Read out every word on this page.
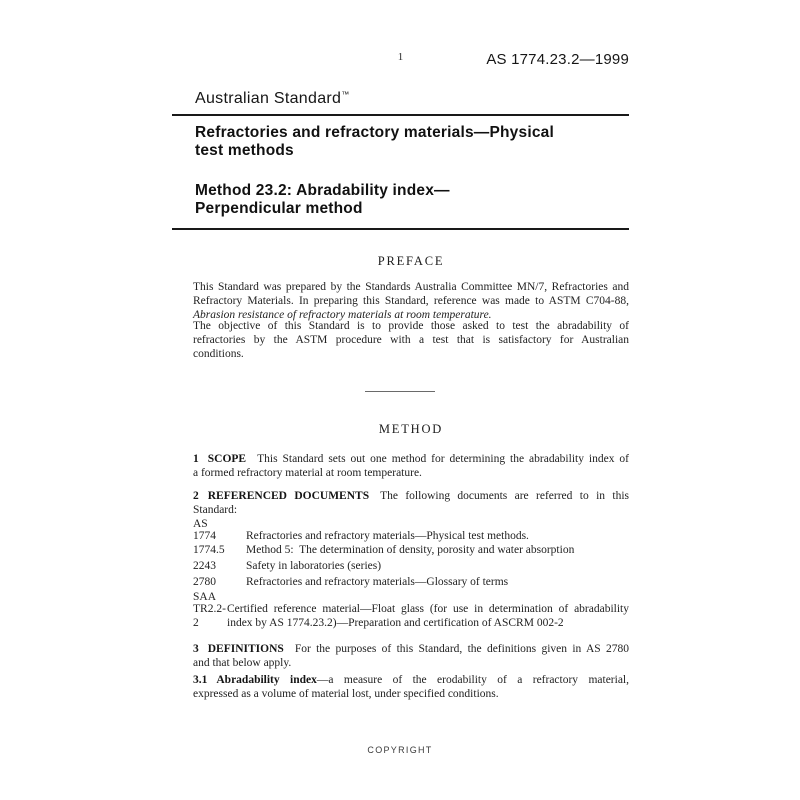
1	AS 1774.23.2—1999
Australian Standard™
Refractories and refractory materials—Physical
test methods
Method 23.2: Abradability index—
Perpendicular method
PREFACE
This Standard was prepared by the Standards Australia Committee MN/7, Refractories and
Refractory Materials. In preparing this Standard, reference was made to ASTM C704-88,
Abrasion resistance of refractory materials at room temperature.
The objective of this Standard is to provide those asked to test the abradability of
refractories by the ASTM procedure with a test that is satisfactory for Australian
conditions.
METHOD
1 SCOPE This Standard sets out one method for determining the abradability index of
a formed refractory material at room temperature.
2 REFERENCED DOCUMENTS The following documents are referred to in this
Standard:
AS
1774	Refractories and refractory materials—Physical test methods.
1774.5	Method 5:  The determination of density, porosity and water absorption
2243	Safety in laboratories (series)
2780	Refractories and refractory materials—Glossary of terms
SAA
TR2.2-2
Certified reference material—Float glass (for use in determination of abradability
index by AS 1774.23.2)—Preparation and certification of ASCRM 002-2
3 DEFINITIONS For the purposes of this Standard, the definitions given in AS 2780
and that below apply.
3.1 Abradability index—a measure of the erodability of a refractory material,
expressed as a volume of material lost, under specified conditions.
COPYRIGHT
